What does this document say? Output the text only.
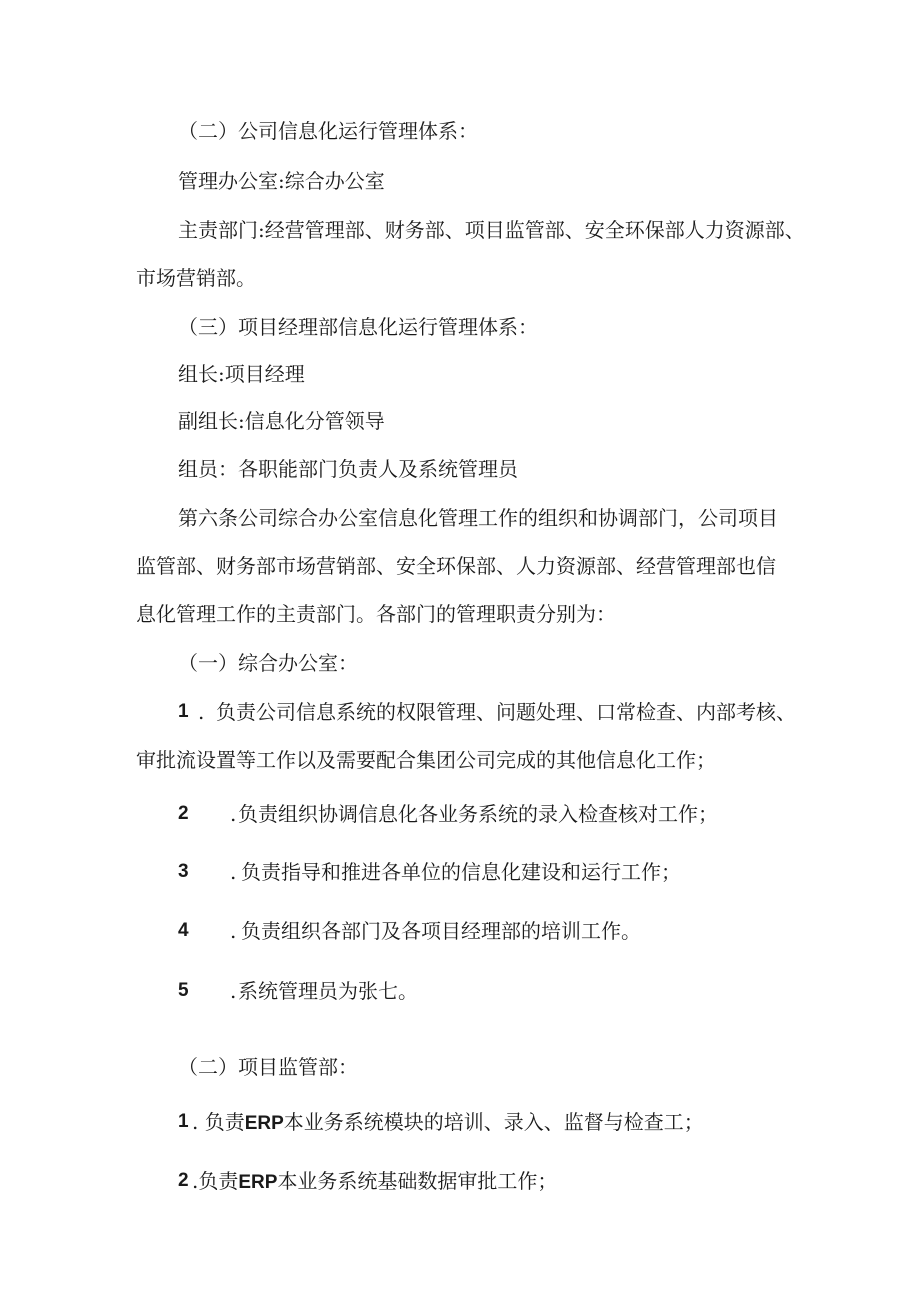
（二）公司信息化运行管理体系：
管理办公室:综合办公室
主责部门:经营管理部、财务部、项目监管部、安全环保部人力资源部、
市场营销部。
（三）项目经理部信息化运行管理体系：
组长:项目经理
副组长:信息化分管领导
组员：各职能部门负责人及系统管理员
第六条公司综合办公室信息化管理工作的组织和协调部门，公司项目
监管部、财务部市场营销部、安全环保部、人力资源部、经营管理部也信
息化管理工作的主责部门。各部门的管理职责分别为：
（一）综合办公室：
1 . 负责公司信息系统的权限管理、问题处理、口常检查、内部考核、
审批流设置等工作以及需要配合集团公司完成的其他信息化工作；
2 . 负责组织协调信息化各业务系统的录入检查核对工作；
3 . 负责指导和推进各单位的信息化建设和运行工作；
4 . 负责组织各部门及各项目经理部的培训工作。
5 . 系统管理员为张七。
（二）项目监管部：
1 . 负责ERP本业务系统模块的培训、录入、监督与检查工；
2 .负责ERP本业务系统基础数据审批工作；
